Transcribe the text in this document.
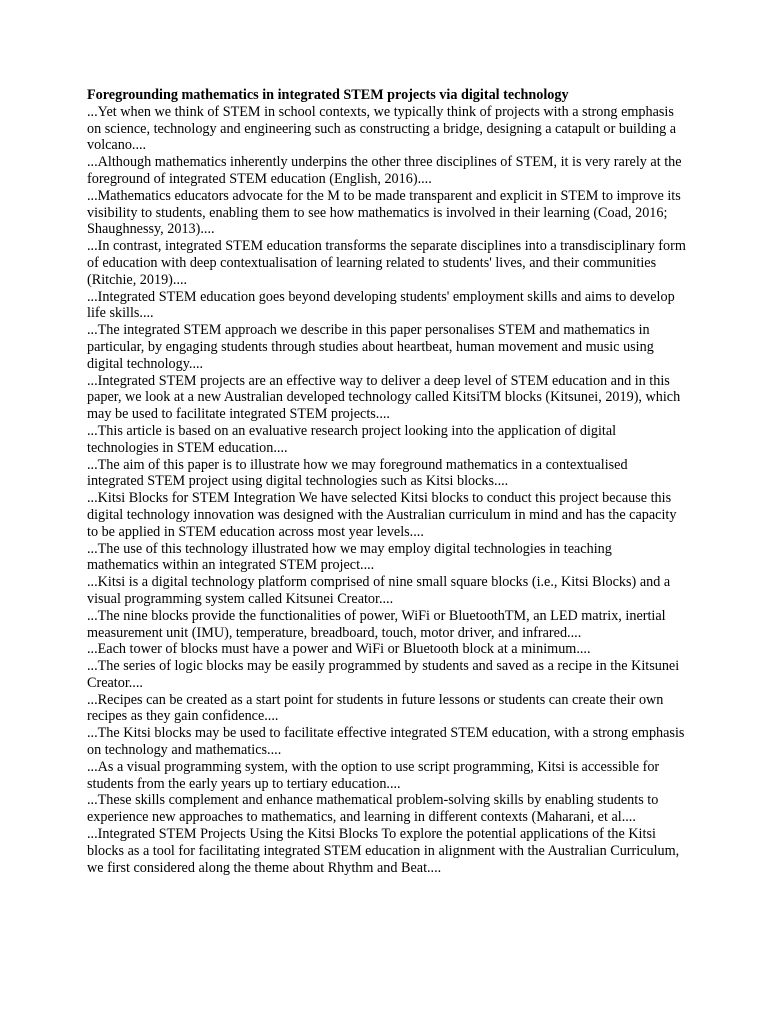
Foregrounding mathematics in integrated STEM projects via digital technology

...Yet when we think of STEM in school contexts, we typically think of projects with a strong emphasis on science, technology and engineering such as constructing a bridge, designing a catapult or building a volcano....

...Although mathematics inherently underpins the other three disciplines of STEM, it is very rarely at the foreground of integrated STEM education (English, 2016)....

...Mathematics educators advocate for the M to be made transparent and explicit in STEM to improve its visibility to students, enabling them to see how mathematics is involved in their learning (Coad, 2016; Shaughnessy, 2013)....

...In contrast, integrated STEM education transforms the separate disciplines into a transdisciplinary form of education with deep contextualisation of learning related to students' lives, and their communities (Ritchie, 2019)....

...Integrated STEM education goes beyond developing students' employment skills and aims to develop life skills....

...The integrated STEM approach we describe in this paper personalises STEM and mathematics in particular, by engaging students through studies about heartbeat, human movement and music using digital technology....

...Integrated STEM projects are an effective way to deliver a deep level of STEM education and in this paper, we look at a new Australian developed technology called KitsiTM blocks (Kitsunei, 2019), which may be used to facilitate integrated STEM projects....

...This article is based on an evaluative research project looking into the application of digital technologies in STEM education....

...The aim of this paper is to illustrate how we may foreground mathematics in a contextualised integrated STEM project using digital technologies such as Kitsi blocks....

...Kitsi Blocks for STEM Integration We have selected Kitsi blocks to conduct this project because this digital technology innovation was designed with the Australian curriculum in mind and has the capacity to be applied in STEM education across most year levels....

...The use of this technology illustrated how we may employ digital technologies in teaching mathematics within an integrated STEM project....

...Kitsi is a digital technology platform comprised of nine small square blocks (i.e., Kitsi Blocks) and a visual programming system called Kitsunei Creator....

...The nine blocks provide the functionalities of power, WiFi or BluetoothTM, an LED matrix, inertial measurement unit (IMU), temperature, breadboard, touch, motor driver, and infrared....

...Each tower of blocks must have a power and WiFi or Bluetooth block at a minimum....

...The series of logic blocks may be easily programmed by students and saved as a recipe in the Kitsunei Creator....

...Recipes can be created as a start point for students in future lessons or students can create their own recipes as they gain confidence....

...The Kitsi blocks may be used to facilitate effective integrated STEM education, with a strong emphasis on technology and mathematics....

...As a visual programming system, with the option to use script programming, Kitsi is accessible for students from the early years up to tertiary education....

...These skills complement and enhance mathematical problem-solving skills by enabling students to experience new approaches to mathematics, and learning in different contexts (Maharani, et al....

...Integrated STEM Projects Using the Kitsi Blocks To explore the potential applications of the Kitsi blocks as a tool for facilitating integrated STEM education in alignment with the Australian Curriculum, we first considered along the theme about Rhythm and Beat....
